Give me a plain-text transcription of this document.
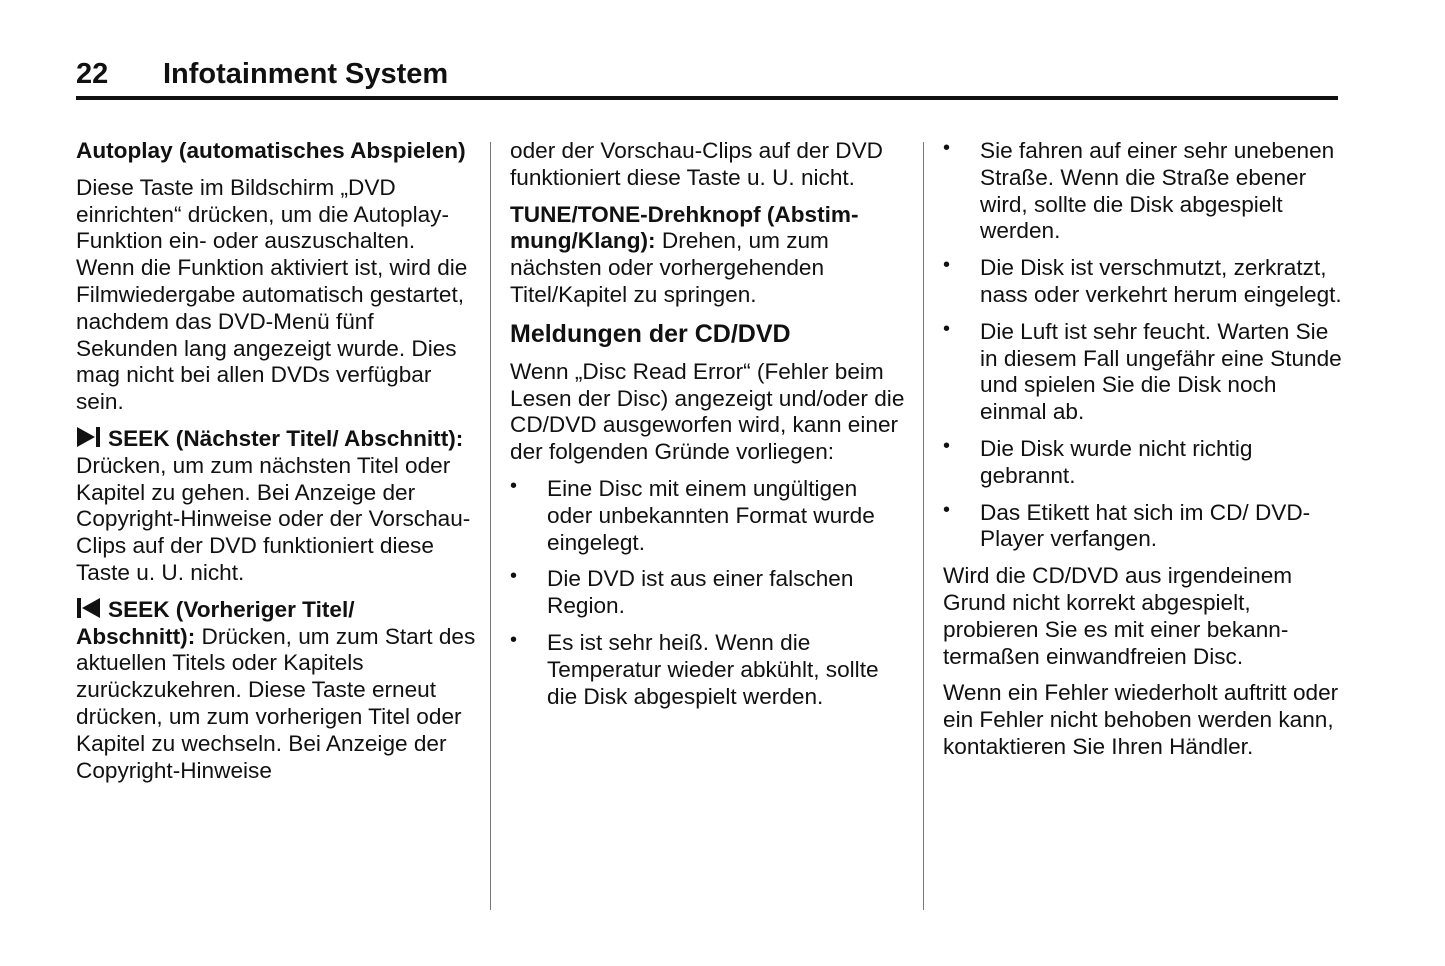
22 Infotainment System

Autoplay (automatisches Abspielen)

Diese Taste im Bildschirm „DVD einrichten“ drücken, um die Autoplay-Funktion ein- oder auszuschalten. Wenn die Funktion aktiviert ist, wird die Filmwiedergabe automatisch gestartet, nachdem das DVD-Menü fünf Sekunden lang angezeigt wurde. Dies mag nicht bei allen DVDs verfügbar sein.

SEEK (Nächster Titel/ Abschnitt): Drücken, um zum nächsten Titel oder Kapitel zu gehen. Bei Anzeige der Copyright-Hinweise oder der Vorschau-Clips auf der DVD funktioniert diese Taste u. U. nicht.

SEEK (Vorheriger Titel/ Abschnitt): Drücken, um zum Start des aktuellen Titels oder Kapitels zurückzukehren. Diese Taste erneut drücken, um zum vorherigen Titel oder Kapitel zu wechseln. Bei Anzeige der Copyright-Hinweise

oder der Vorschau-Clips auf der DVD funktioniert diese Taste u. U. nicht.

TUNE/TONE-Drehknopf (Abstimmung/Klang): Drehen, um zum nächsten oder vorhergehenden Titel/Kapitel zu springen.

Meldungen der CD/DVD

Wenn „Disc Read Error“ (Fehler beim Lesen der Disc) angezeigt und/oder die CD/DVD ausgeworfen wird, kann einer der folgenden Gründe vorliegen:

• Eine Disc mit einem ungültigen oder unbekannten Format wurde eingelegt.
• Die DVD ist aus einer falschen Region.
• Es ist sehr heiß. Wenn die Temperatur wieder abkühlt, sollte die Disk abgespielt werden.
• Sie fahren auf einer sehr unebenen Straße. Wenn die Straße ebener wird, sollte die Disk abgespielt werden.
• Die Disk ist verschmutzt, zerkratzt, nass oder verkehrt herum eingelegt.
• Die Luft ist sehr feucht. Warten Sie in diesem Fall ungefähr eine Stunde und spielen Sie die Disk noch einmal ab.
• Die Disk wurde nicht richtig gebrannt.
• Das Etikett hat sich im CD/ DVD-Player verfangen.

Wird die CD/DVD aus irgendeinem Grund nicht korrekt abgespielt, probieren Sie es mit einer bekanntermaßen einwandfreien Disc.

Wenn ein Fehler wiederholt auftritt oder ein Fehler nicht behoben werden kann, kontaktieren Sie Ihren Händler.
